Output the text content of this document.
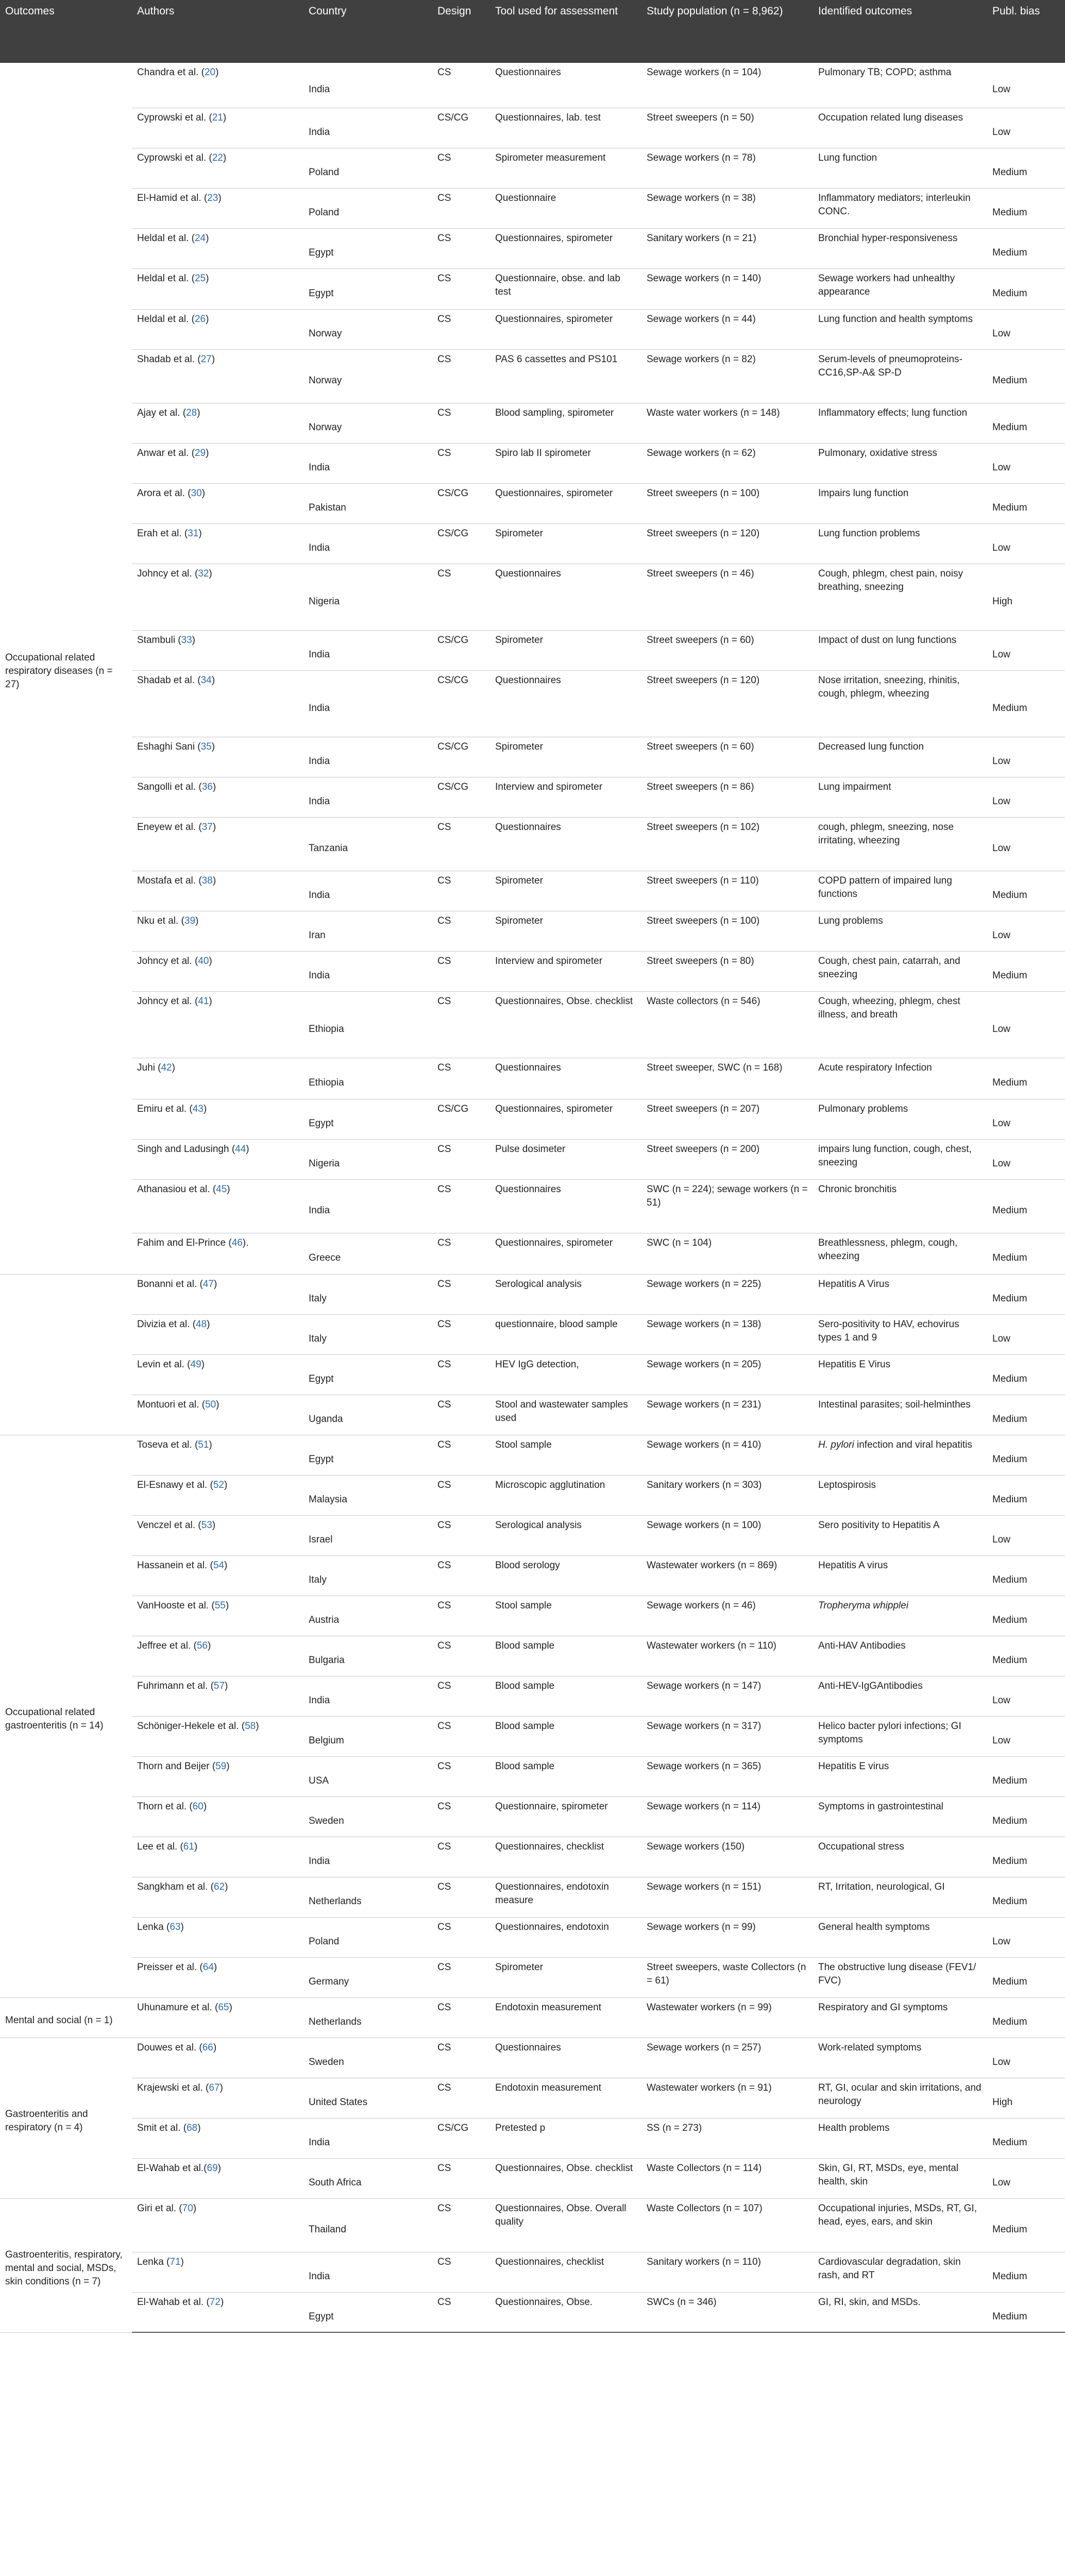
Outcomes	Authors	Country	Design	Tool used for assessment	Study population (n = 8,962)	Identified outcomes	Publ. bias

Occupational related respiratory diseases (n = 27)	Chandra et al. (20)	India	CS	Questionnaires	Sewage workers (n = 104)	Pulmonary TB; COPD; asthma	Low
	Cyprowski et al. (21)	India	CS/CG	Questionnaires, lab. test	Street sweepers (n = 50)	Occupation related lung diseases	Low
	Cyprowski et al. (22)	Poland	CS	Spirometer measurement	Sewage workers (n = 78)	Lung function	Medium
	El-Hamid et al. (23)	Poland	CS	Questionnaire	Sewage workers (n = 38)	Inflammatory mediators; interleukin CONC.	Medium
	Heldal et al. (24)	Egypt	CS	Questionnaires, spirometer	Sanitary workers (n = 21)	Bronchial hyper-responsiveness	Medium
	Heldal et al. (25)	Egypt	CS	Questionnaire, obse. and lab test	Sewage workers (n = 140)	Sewage workers had unhealthy appearance	Medium
	Heldal et al. (26)	Norway	CS	Questionnaires, spirometer	Sewage workers (n = 44)	Lung function and health symptoms	Low
	Shadab et al. (27)	Norway	CS	PAS 6 cassettes and PS101	Sewage workers (n = 82)	Serum-levels of pneumoproteins-CC16,SP-A& SP-D	Medium
	Ajay et al. (28)	Norway	CS	Blood sampling, spirometer	Waste water workers (n = 148)	Inflammatory effects; lung function	Medium
	Anwar et al. (29)	India	CS	Spiro lab II spirometer	Sewage workers (n = 62)	Pulmonary, oxidative stress	Low
	Arora et al. (30)	Pakistan	CS/CG	Questionnaires, spirometer	Street sweepers (n = 100)	Impairs lung function	Medium
	Erah et al. (31)	India	CS/CG	Spirometer	Street sweepers (n = 120)	Lung function problems	Low
	Johncy et al. (32)	Nigeria	CS	Questionnaires	Street sweepers (n = 46)	Cough, phlegm, chest pain, noisy breathing, sneezing	High
	Stambuli (33)	India	CS/CG	Spirometer	Street sweepers (n = 60)	Impact of dust on lung functions	Low
	Shadab et al. (34)	India	CS/CG	Questionnaires	Street sweepers (n = 120)	Nose irritation, sneezing, rhinitis, cough, phlegm, wheezing	Medium
	Eshaghi Sani (35)	India	CS/CG	Spirometer	Street sweepers (n = 60)	Decreased lung function	Low
	Sangolli et al. (36)	India	CS/CG	Interview and spirometer	Street sweepers (n = 86)	Lung impairment	Low
	Eneyew et al. (37)	Tanzania	CS	Questionnaires	Street sweepers (n = 102)	cough, phlegm, sneezing, nose irritating, wheezing	Low
	Mostafa et al. (38)	India	CS	Spirometer	Street sweepers (n = 110)	COPD pattern of impaired lung functions	Medium
	Nku et al. (39)	Iran	CS	Spirometer	Street sweepers (n = 100)	Lung problems	Low
	Johncy et al. (40)	India	CS	Interview and spirometer	Street sweepers (n = 80)	Cough, chest pain, catarrah, and sneezing	Medium
	Johncy et al. (41)	Ethiopia	CS	Questionnaires, Obse. checklist	Waste collectors (n = 546)	Cough, wheezing, phlegm, chest illness, and breath	Low
	Juhi (42)	Ethiopia	CS	Questionnaires	Street sweeper, SWC (n = 168)	Acute respiratory Infection	Medium
	Emiru et al. (43)	Egypt	CS/CG	Questionnaires, spirometer	Street sweepers (n = 207)	Pulmonary problems	Low
	Singh and Ladusingh (44)	Nigeria	CS	Pulse dosimeter	Street sweepers (n = 200)	impairs lung function, cough, chest, sneezing	Low
	Athanasiou et al. (45)	India	CS	Questionnaires	SWC (n = 224); sewage workers (n = 51)	Chronic bronchitis	Medium
	Fahim and El-Prince (46).	Greece	CS	Questionnaires, spirometer	SWC (n = 104)	Breathlessness, phlegm, cough, wheezing	Medium

	Bonanni et al. (47)	Italy	CS	Serological analysis	Sewage workers (n = 225)	Hepatitis A Virus	Medium
	Divizia et al. (48)	Italy	CS	questionnaire, blood sample	Sewage workers (n = 138)	Sero-positivity to HAV, echovirus types 1 and 9	Low
	Levin et al. (49)	Egypt	CS	HEV IgG detection,	Sewage workers (n = 205)	Hepatitis E Virus	Medium
	Montuori et al. (50)	Uganda	CS	Stool and wastewater samples used	Sewage workers (n = 231)	Intestinal parasites; soil-helminthes	Medium

Occupational related gastroenteritis (n = 14)	Toseva et al. (51)	Egypt	CS	Stool sample	Sewage workers (n = 410)	H. pylori infection and viral hepatitis	Medium
	El-Esnawy et al. (52)	Malaysia	CS	Microscopic agglutination	Sanitary workers (n = 303)	Leptospirosis	Medium
	Venczel et al. (53)	Israel	CS	Serological analysis	Sewage workers (n = 100)	Sero positivity to Hepatitis A	Low
	Hassanein et al. (54)	Italy	CS	Blood serology	Wastewater workers (n = 869)	Hepatitis A virus	Medium
	VanHooste et al. (55)	Austria	CS	Stool sample	Sewage workers (n = 46)	Tropheryma whipplei	Medium
	Jeffree et al. (56)	Bulgaria	CS	Blood sample	Wastewater workers (n = 110)	Anti-HAV Antibodies	Medium
	Fuhrimann et al. (57)	India	CS	Blood sample	Sewage workers (n = 147)	Anti-HEV-IgGAntibodies	Low
	Schöniger-Hekele et al. (58)	Belgium	CS	Blood sample	Sewage workers (n = 317)	Helico bacter pylori infections; GI symptoms	Low
	Thorn and Beijer (59)	USA	CS	Blood sample	Sewage workers (n = 365)	Hepatitis E virus	Medium
	Thorn et al. (60)	Sweden	CS	Questionnaire, spirometer	Sewage workers (n = 114)	Symptoms in gastrointestinal	Medium
	Lee et al. (61)	India	CS	Questionnaires, checklist	Sewage workers (150)	Occupational stress	Medium
	Sangkham et al. (62)	Netherlands	CS	Questionnaires, endotoxin measure	Sewage workers (n = 151)	RT, Irritation, neurological, GI	Medium
	Lenka (63)	Poland	CS	Questionnaires, endotoxin	Sewage workers (n = 99)	General health symptoms	Low
	Preisser et al. (64)	Germany	CS	Spirometer	Street sweepers, waste Collectors (n = 61)	The obstructive lung disease (FEV1/ FVC)	Medium

Mental and social (n = 1)	Uhunamure et al. (65)	Netherlands	CS	Endotoxin measurement	Wastewater workers (n = 99)	Respiratory and GI symptoms	Medium

Gastroenteritis and respiratory (n = 4)	Douwes et al. (66)	Sweden	CS	Questionnaires	Sewage workers (n = 257)	Work-related symptoms	Low
	Krajewski et al. (67)	United States	CS	Endotoxin measurement	Wastewater workers (n = 91)	RT, GI, ocular and skin irritations, and neurology	High
	Smit et al. (68)	India	CS/CG	Pretested p	SS (n = 273)	Health problems	Medium
	El-Wahab et al.(69)	South Africa	CS	Questionnaires, Obse. checklist	Waste Collectors (n = 114)	Skin, GI, RT, MSDs, eye, mental health, skin	Low

Gastroenteritis, respiratory, mental and social, MSDs, skin conditions (n = 7)	Giri et al. (70)	Thailand	CS	Questionnaires, Obse. Overall quality	Waste Collectors (n = 107)	Occupational injuries, MSDs, RT, GI, head, eyes, ears, and skin	Medium
	Lenka (71)	India	CS	Questionnaires, checklist	Sanitary workers (n = 110)	Cardiovascular degradation, skin rash, and RT	Medium
	El-Wahab et al. (72)	Egypt	CS	Questionnaires, Obse.	SWCs (n = 346)	GI, RI, skin, and MSDs.	Medium
